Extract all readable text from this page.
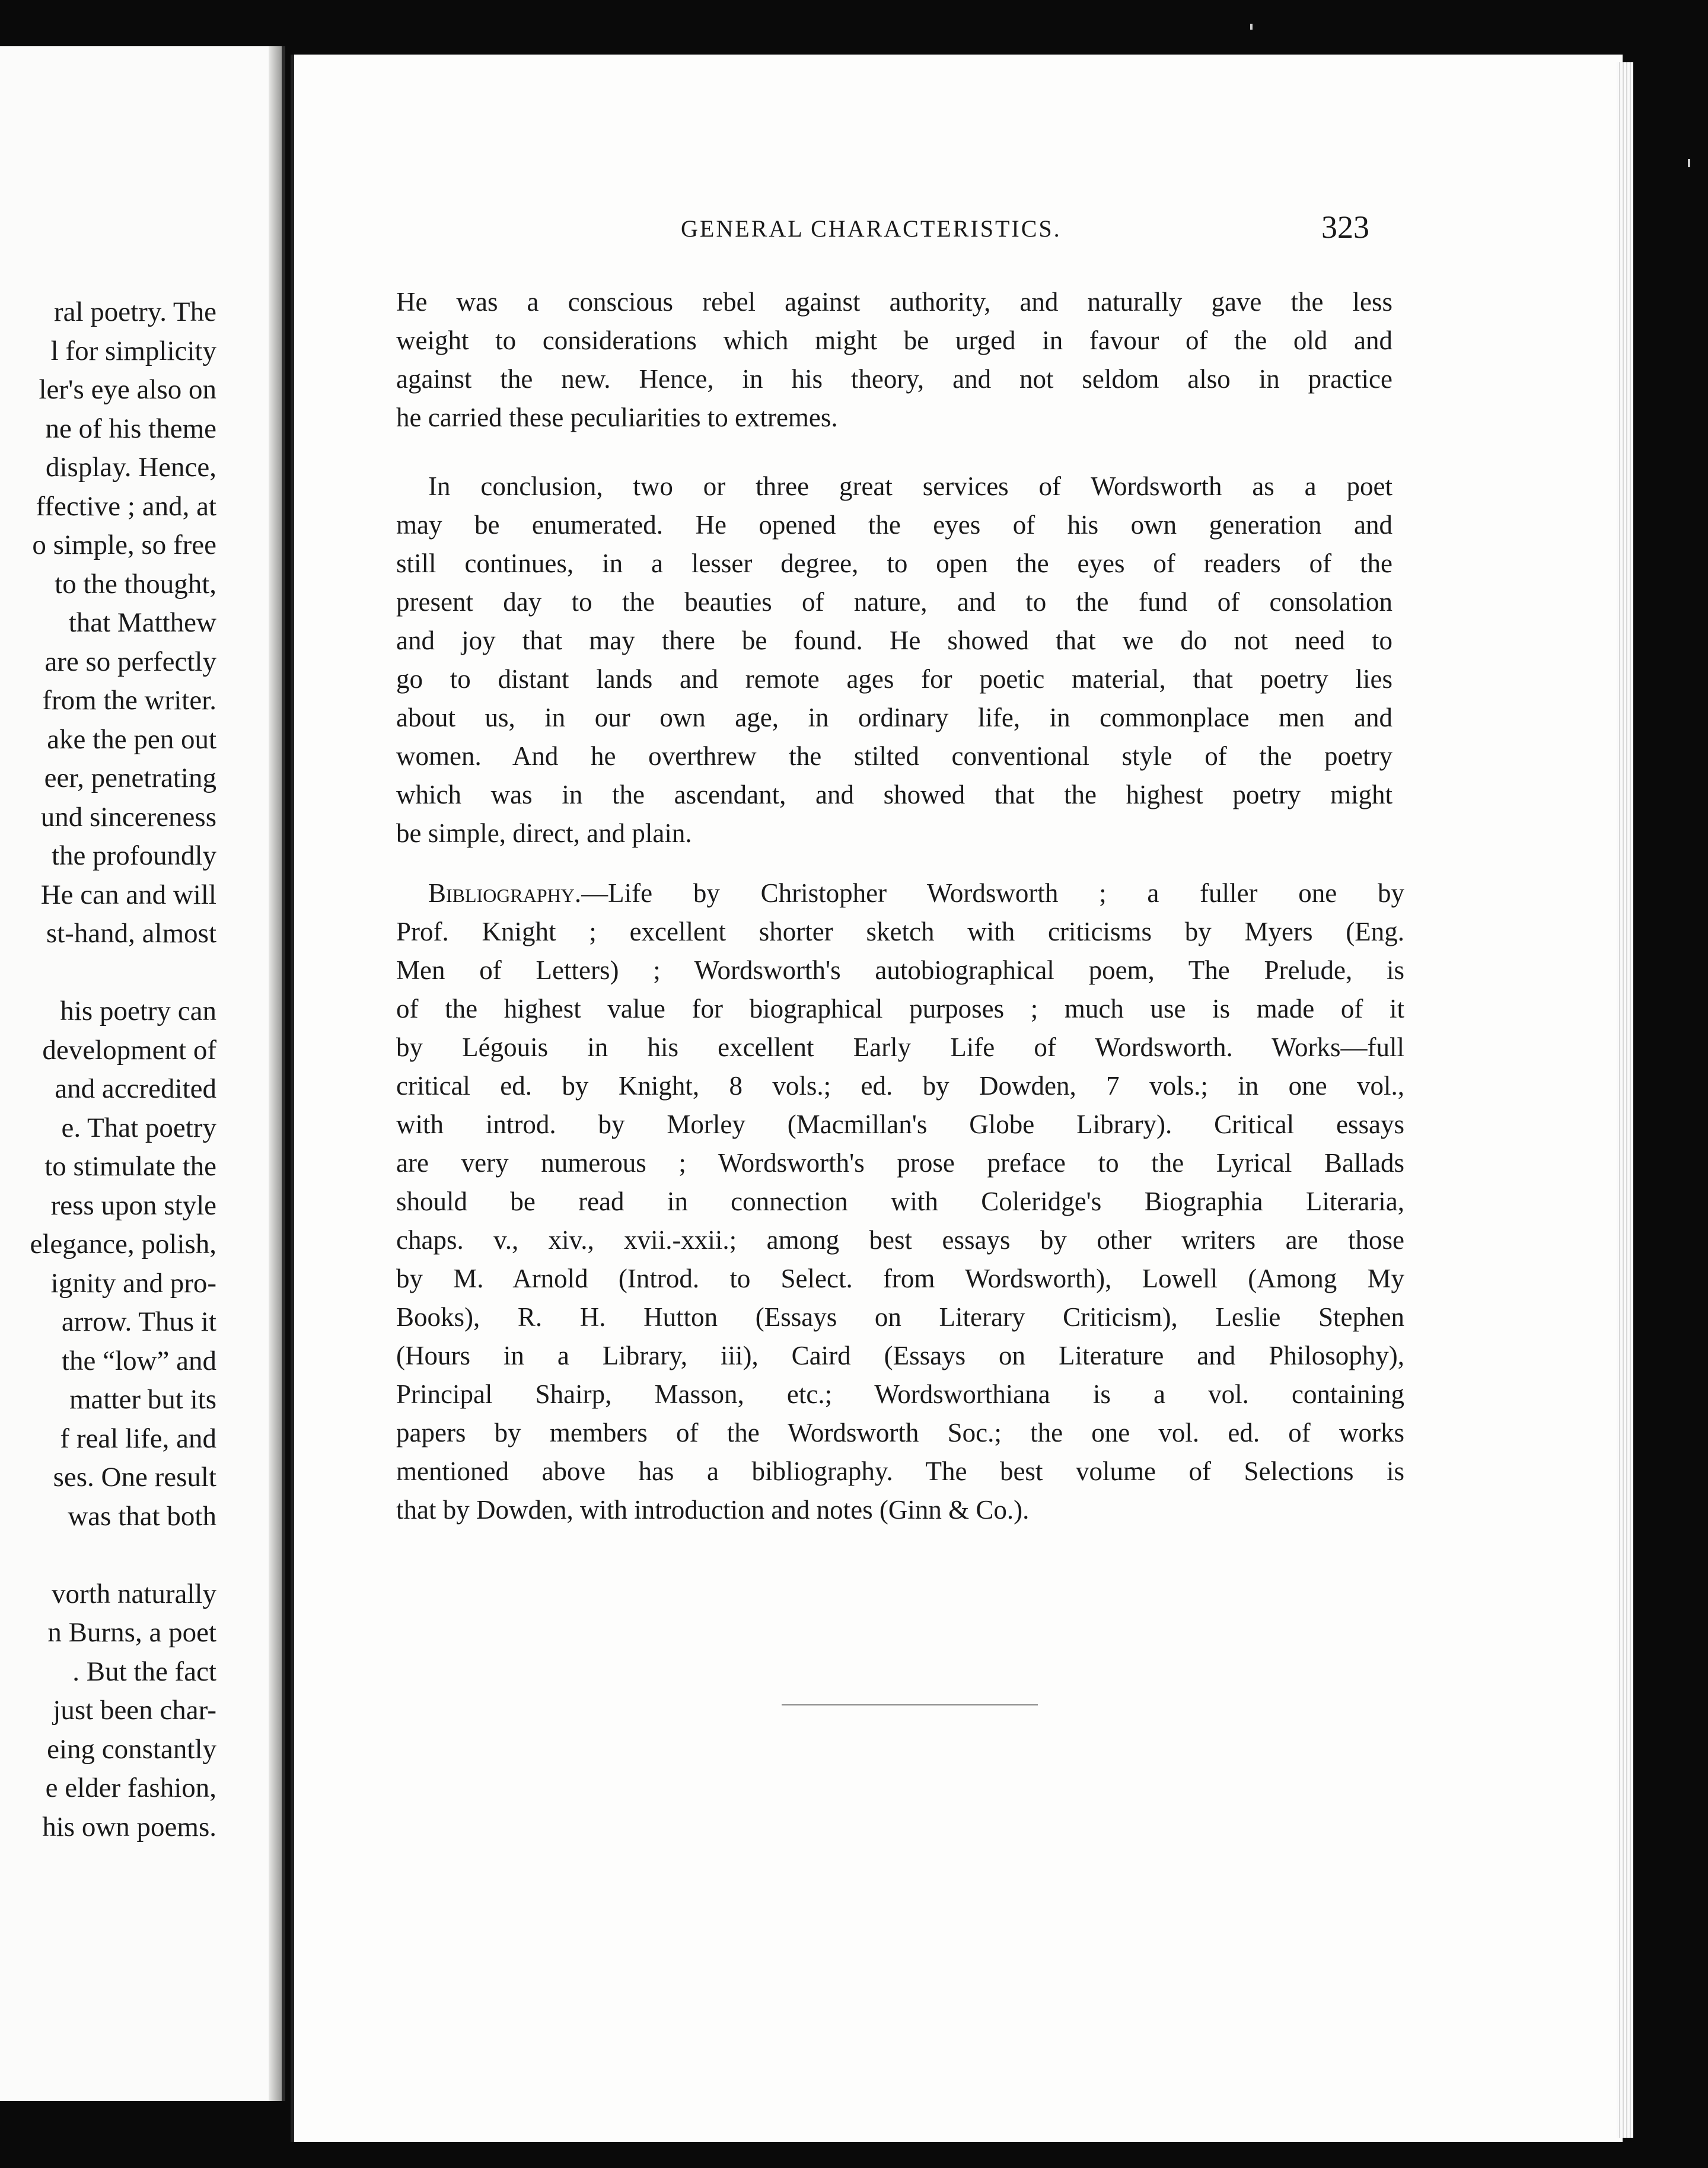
ral poetry. The
l for simplicity
ler's eye also on
ne of his theme
display. Hence,
ffective ; and, at
o simple, so free
to the thought,
that Matthew
are so perfectly
from the writer.
ake the pen out
eer, penetrating
und sincereness
the profoundly
He can and will
st-hand, almost
his poetry can
development of
and accredited
e. That poetry
to stimulate the
ress upon style
elegance, polish,
ignity and pro-
arrow. Thus it
the “low” and
matter but its
f real life, and
ses. One result
was that both
vorth naturally
n Burns, a poet
. But the fact
just been char-
eing constantly
e elder fashion,
his own poems.
GENERAL CHARACTERISTICS.	323
He was a conscious rebel against authority, and naturally gave the less
weight to considerations which might be urged in favour of the old and
against the new. Hence, in his theory, and not seldom also in practice
he carried these peculiarities to extremes.
In conclusion, two or three great services of Wordsworth as a poet
may be enumerated. He opened the eyes of his own generation and
still continues, in a lesser degree, to open the eyes of readers of the
present day to the beauties of nature, and to the fund of consolation
and joy that may there be found. He showed that we do not need to
go to distant lands and remote ages for poetic material, that poetry lies
about us, in our own age, in ordinary life, in commonplace men and
women. And he overthrew the stilted conventional style of the poetry
which was in the ascendant, and showed that the highest poetry might
be simple, direct, and plain.
Bibliography.—Life by Christopher Wordsworth ; a fuller one by
Prof. Knight ; excellent shorter sketch with criticisms by Myers (Eng.
Men of Letters) ; Wordsworth's autobiographical poem, The Prelude, is
of the highest value for biographical purposes ; much use is made of it
by Légouis in his excellent Early Life of Wordsworth. Works—full
critical ed. by Knight, 8 vols.; ed. by Dowden, 7 vols.; in one vol.,
with introd. by Morley (Macmillan's Globe Library). Critical essays
are very numerous ; Wordsworth's prose preface to the Lyrical Ballads
should be read in connection with Coleridge's Biographia Literaria,
chaps. v., xiv., xvii.-xxii.; among best essays by other writers are those
by M. Arnold (Introd. to Select. from Wordsworth), Lowell (Among My
Books), R. H. Hutton (Essays on Literary Criticism), Leslie Stephen
(Hours in a Library, iii), Caird (Essays on Literature and Philosophy),
Principal Shairp, Masson, etc.; Wordsworthiana is a vol. containing
papers by members of the Wordsworth Soc.; the one vol. ed. of works
mentioned above has a bibliography. The best volume of Selections is
that by Dowden, with introduction and notes (Ginn & Co.).
